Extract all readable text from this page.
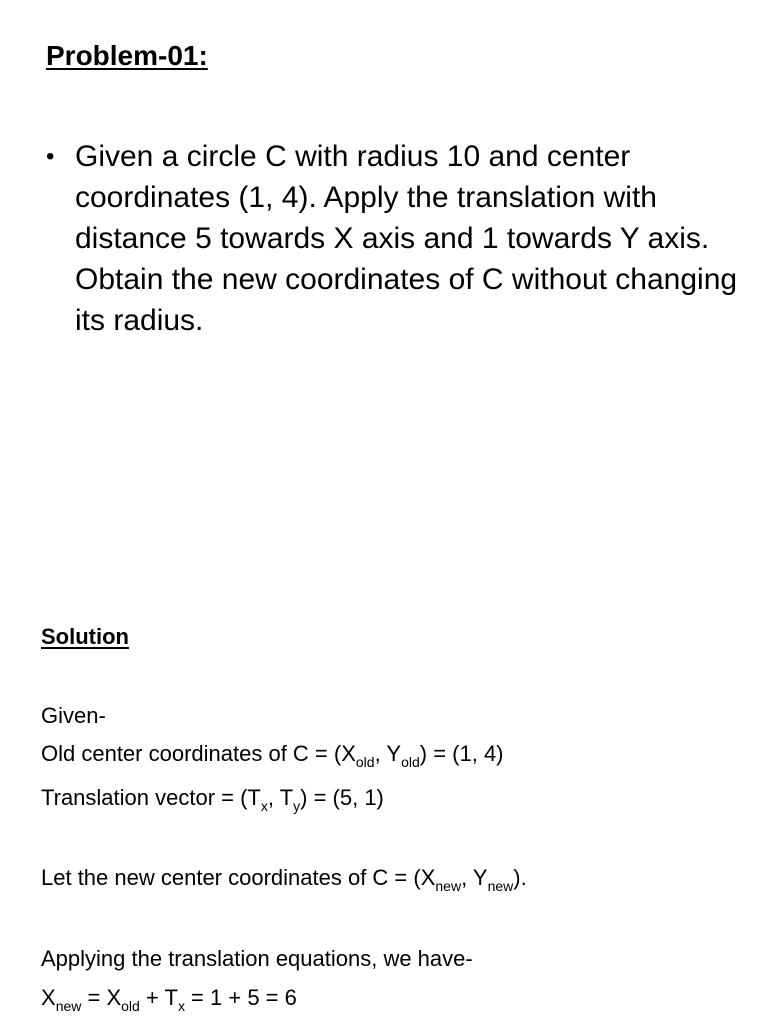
Problem-01:
• Given a circle C with radius 10 and center coordinates (1, 4). Apply the translation with distance 5 towards X axis and 1 towards Y axis. Obtain the new coordinates of C without changing its radius.
Solution
Given-
Old center coordinates of $C = (X_{old}$, $Y_{old}) = (1$, 4)
Translation vector = ($T_x$, $T_y) = (5$, 1)
Let the new center coordinates of $C = (X_{new}$, $Y_{new}$).
Applying the translation equations, we have-
$X_{new} = X_{old} + T_x = 1 + 5 = 6$
